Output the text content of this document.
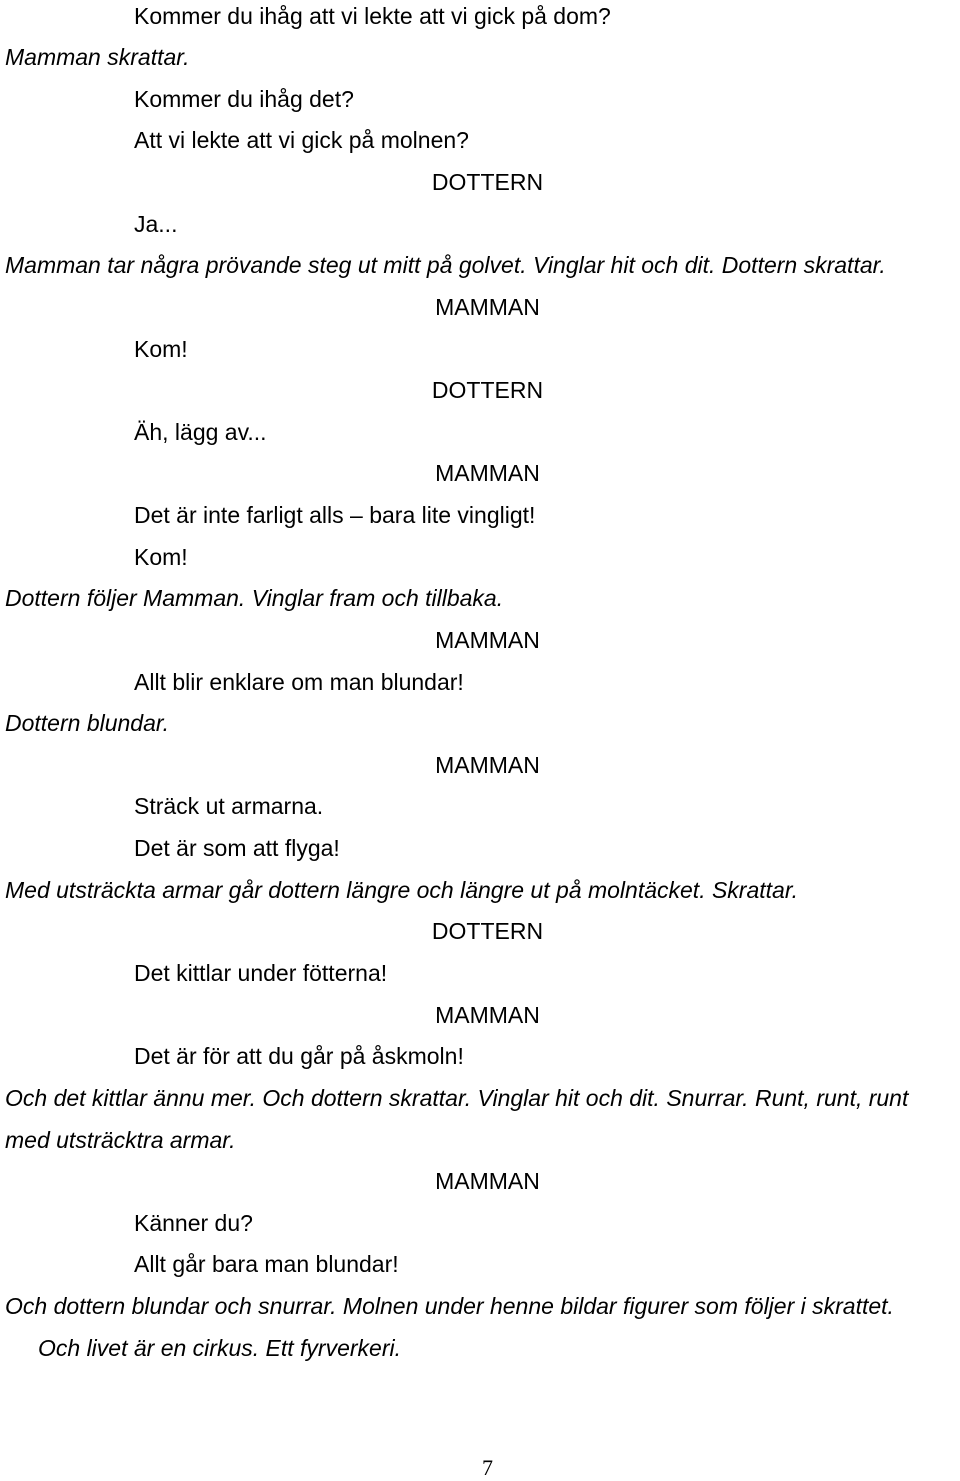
Kommer du ihåg att vi lekte att vi gick på dom?
Mamman skrattar.
Kommer du ihåg det?
Att vi lekte att vi gick på molnen?
DOTTERN
Ja...
Mamman tar några prövande steg ut mitt på golvet. Vinglar hit och dit. Dottern skrattar.
MAMMAN
Kom!
DOTTERN
Äh, lägg av...
MAMMAN
Det är inte farligt alls – bara lite vingligt!
Kom!
Dottern följer Mamman. Vinglar fram och tillbaka.
MAMMAN
Allt blir enklare om man blundar!
Dottern blundar.
MAMMAN
Sträck ut armarna.
Det är som att flyga!
Med utsträckta armar går dottern längre och längre ut på molntäcket. Skrattar.
DOTTERN
Det kittlar under fötterna!
MAMMAN
Det är för att du går på åskmoln!
Och det kittlar ännu mer. Och dottern skrattar. Vinglar hit och dit. Snurrar. Runt, runt, runt
med utsträcktra armar.
MAMMAN
Känner du?
Allt går bara man blundar!
Och dottern blundar och snurrar. Molnen under henne bildar figurer som följer i skrattet.
Och livet är en cirkus. Ett fyrverkeri.
7
